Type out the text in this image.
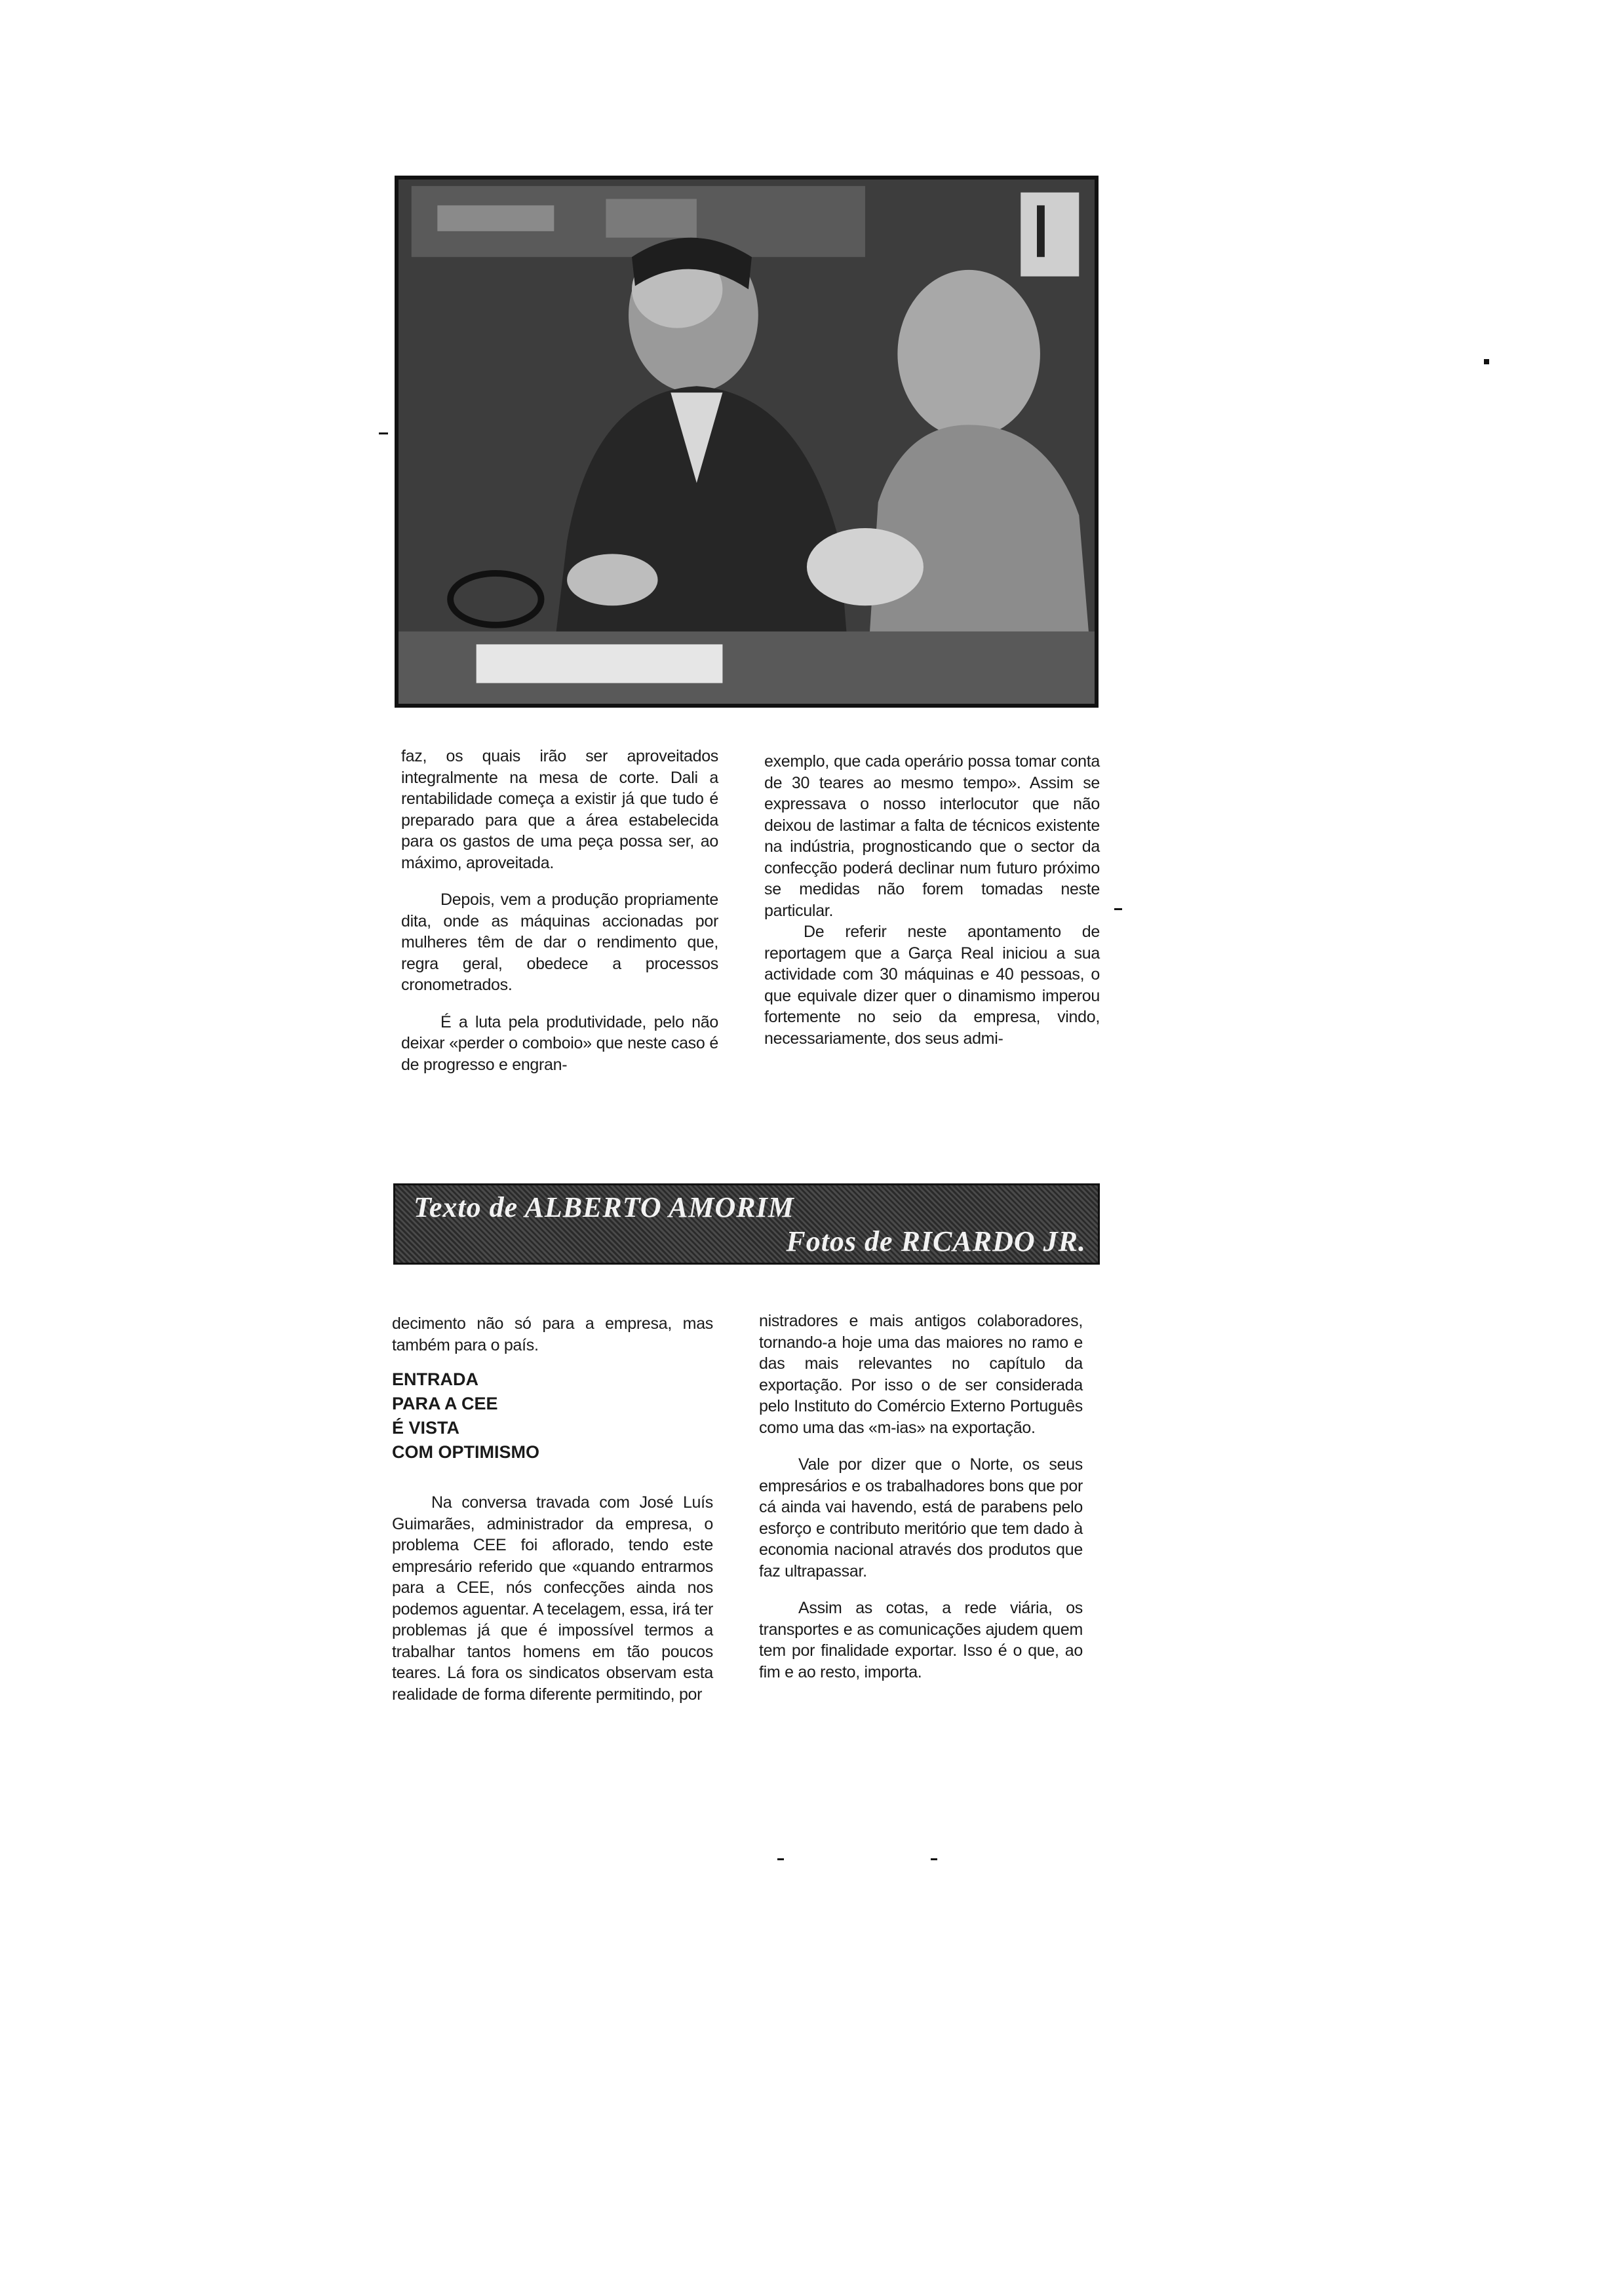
faz, os quais irão ser aproveitados integralmente na mesa de corte. Dali a rentabilidade começa a existir já que tudo é preparado para que a área estabelecida para os gastos de uma peça possa ser, ao máximo, aproveitada.

Depois, vem a produção propriamente dita, onde as máquinas accionadas por mulheres têm de dar o rendimento que, regra geral, obedece a processos cronometrados.

É a luta pela produtividade, pelo não deixar «perder o comboio» que neste caso é de progresso e engran-

exemplo, que cada operário possa tomar conta de 30 teares ao mesmo tempo». Assim se expressava o nosso interlocutor que não deixou de lastimar a falta de técnicos existente na indústria, prognosticando que o sector da confecção poderá declinar num futuro próximo se medidas não forem tomadas neste particular.

De referir neste apontamento de reportagem que a Garça Real iniciou a sua actividade com 30 máquinas e 40 pessoas, o que equivale dizer quer o dinamismo imperou fortemente no seio da empresa, vindo, necessariamente, dos seus admi-

Texto de ALBERTO AMORIM
Fotos de RICARDO JR.

decimento não só para a empresa, mas também para o país.

ENTRADA
PARA A CEE
É VISTA
COM OPTIMISMO

Na conversa travada com José Luís Guimarães, administrador da empresa, o problema CEE foi aflorado, tendo este empresário referido que «quando entrarmos para a CEE, nós confecções ainda nos podemos aguentar. A tecelagem, essa, irá ter problemas já que é impossível termos a trabalhar tantos homens em tão poucos teares. Lá fora os sindicatos observam esta realidade de forma diferente permitindo, por

nistradores e mais antigos colaboradores, tornando-a hoje uma das maiores no ramo e das mais relevantes no capítulo da exportação. Por isso o de ser considerada pelo Instituto do Comércio Externo Português como uma das «m-ias» na exportação.

Vale por dizer que o Norte, os seus empresários e os trabalhadores bons que por cá ainda vai havendo, está de parabens pelo esforço e contributo meritório que tem dado à economia nacional através dos produtos que faz ultrapassar.

Assim as cotas, a rede viária, os transportes e as comunicações ajudem quem tem por finalidade exportar. Isso é o que, ao fim e ao resto, importa.
